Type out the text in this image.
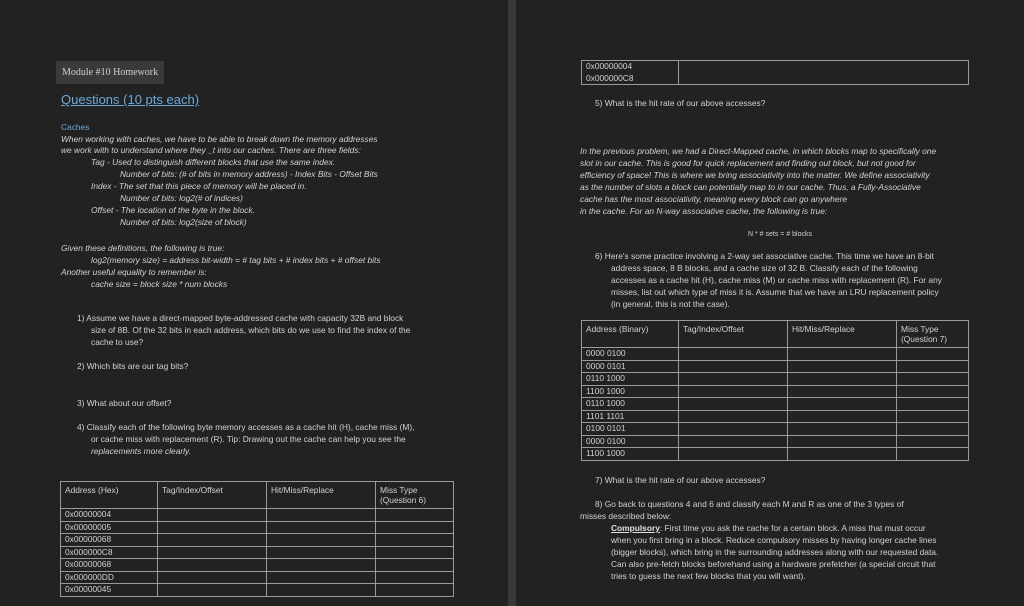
Module #10 Homework
Questions (10 pts each)
Caches
When working with caches, we have to be able to break down the memory addresses
we work with to understand where they _t into our caches. There are three fields:
Tag - Used to distinguish different blocks that use the same index.
Number of bits: (# of bits in memory address) - Index Bits - Offset Bits
Index - The set that this piece of memory will be placed in.
Number of bits: log2(# of indices)
Offset - The location of the byte in the block.
Number of bits: log2(size of block)
Given these definitions, the following is true:
log2(memory size) = address bit-width = # tag bits + # index bits + # offset bits
Another useful equality to remember is:
cache size = block size * num blocks
1) Assume we have a direct-mapped byte-addressed cache with capacity 32B and block
size of 8B. Of the 32 bits in each address, which bits do we use to find the index of the
cache to use?
2) Which bits are our tag bits?
3) What about our offset?
4) Classify each of the following byte memory accesses as a cache hit (H), cache miss (M),
or cache miss with replacement (R). Tip: Drawing out the cache can help you see the
replacements more clearly.
Address (Hex)	Tag/Index/Offset	Hit/Miss/Replace	Miss Type
(Question 6)
0x00000004			
0x00000005			
0x00000068			
0x000000C8			
0x00000068			
0x000000DD			
0x00000045			
0x00000004	
0x000000C8	
5) What is the hit rate of our above accesses?
In the previous problem, we had a Direct-Mapped cache, in which blocks map to specifically one
slot in our cache. This is good for quick replacement and finding out block, but not good for
efficiency of space! This is where we bring associativity into the matter. We define associativity
as the number of slots a block can potentially map to in our cache. Thus, a Fully-Associative
cache has the most associativity, meaning every block can go anywhere
in the cache. For an N-way associative cache, the following is true:
N * # sets = # blocks
6) Here's some practice involving a 2-way set associative cache. This time we have an 8-bit
address space, 8 B blocks, and a cache size of 32 B. Classify each of the following
accesses as a cache hit (H), cache miss (M) or cache miss with replacement (R). For any
misses, list out which type of miss it is. Assume that we have an LRU replacement policy
(in general, this is not the case).
Address (Binary)	Tag/Index/Offset	Hit/Miss/Replace	Miss Type
(Question 7)
0000 0100			
0000 0101			
0110 1000			
1100 1000			
0110 1000			
1101 1101			
0100 0101			
0000 0100			
1100 1000			
7) What is the hit rate of our above accesses?
8) Go back to questions 4 and 6 and classify each M and R as one of the 3 types of
misses described below:
Compulsory: First time you ask the cache for a certain block. A miss that must occur
when you first bring in a block. Reduce compulsory misses by having longer cache lines
(bigger blocks), which bring in the surrounding addresses along with our requested data.
Can also pre-fetch blocks beforehand using a hardware prefetcher (a special circuit that
tries to guess the next few blocks that you will want).
